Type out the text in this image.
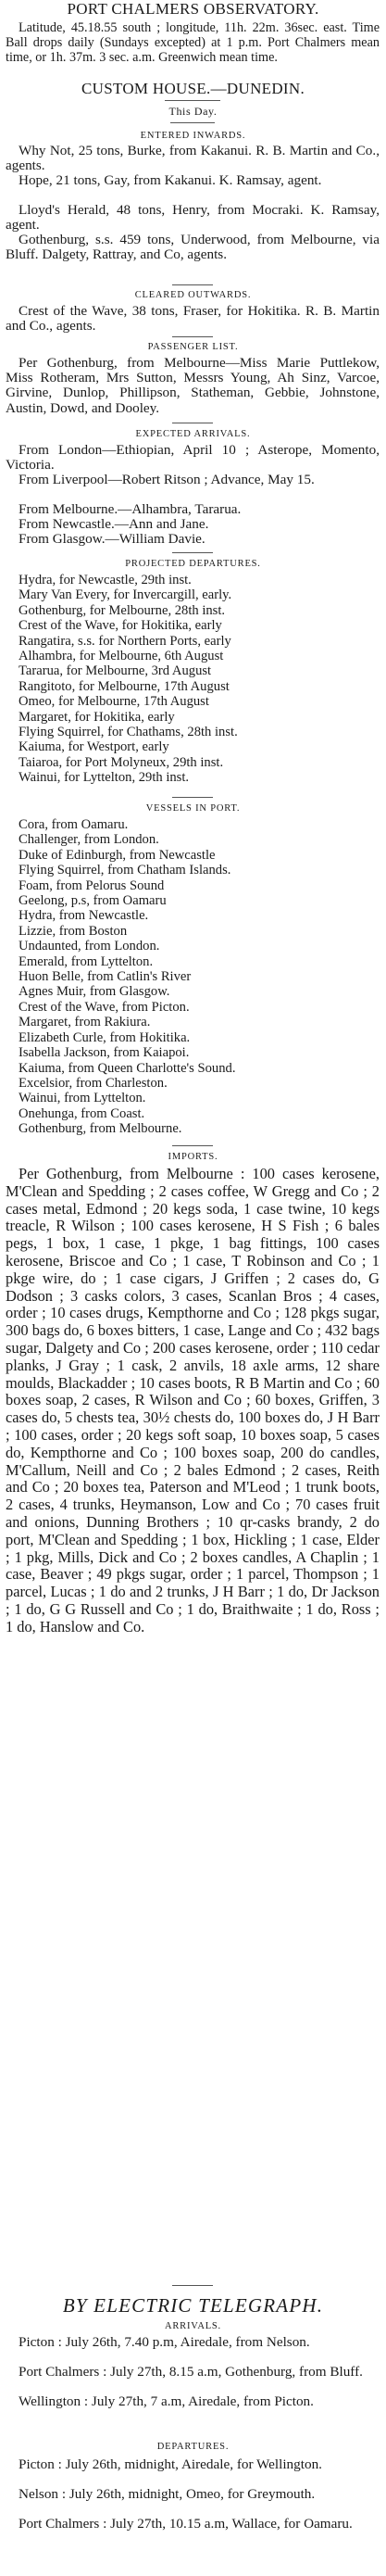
PORT CHALMERS OBSERVATORY.

Latitude, 45.18.55 south ; longitude, 11h. 22m. 36sec. east. Time Ball drops daily (Sundays excepted) at 1 p.m. Port Chalmers mean time, or 1h. 37m. 3 sec. a.m. Greenwich mean time.

CUSTOM HOUSE.—DUNEDIN.
This Day.
ENTERED INWARDS.

Why Not, 25 tons, Burke, from Kakanui. R. B. Martin and Co., agents.

Hope, 21 tons, Gay, from Kakanui. K. Ramsay, agent.

Lloyd's Herald, 48 tons, Henry, from Mocraki. K. Ramsay, agent.

Gothenburg, s.s. 459 tons, Underwood, from Melbourne, via Bluff. Dalgety, Rattray, and Co, agents.

CLEARED OUTWARDS.

Crest of the Wave, 38 tons, Fraser, for Hokitika. R. B. Martin and Co., agents.

PASSENGER LIST.

Per Gothenburg, from Melbourne—Miss Marie Puttlekow, Miss Rotheram, Mrs Sutton, Messrs Young, Ah Sinz, Varcoe, Girvine, Dunlop, Phillipson, Statheman, Gebbie, Johnstone, Austin, Dowd, and Dooley.

EXPECTED ARRIVALS.

From London—Ethiopian, April 10 ; Asterope, Momento, Victoria.

From Liverpool—Robert Ritson ; Advance, May 15.

From Melbourne.—Alhambra, Tararua.

From Newcastle.—Ann and Jane.

From Glasgow.—William Davie.

PROJECTED DEPARTURES.
Hydra, for Newcastle, 29th inst.
Mary Van Every, for Invercargill, early.
Gothenburg, for Melbourne, 28th inst.
Crest of the Wave, for Hokitika, early
Rangatira, s.s. for Northern Ports, early
Alhambra, for Melbourne, 6th August
Tararua, for Melbourne, 3rd August
Rangitoto, for Melbourne, 17th August
Omeo, for Melbourne, 17th August
Margaret, for Hokitika, early
Flying Squirrel, for Chathams, 28th inst.
Kaiuma, for Westport, early
Taiaroa, for Port Molyneux, 29th inst.
Wainui, for Lyttelton, 29th inst.
VESSELS IN PORT.
Cora, from Oamaru.
Challenger, from London.
Duke of Edinburgh, from Newcastle
Flying Squirrel, from Chatham Islands.
Foam, from Pelorus Sound
Geelong, p.s, from Oamaru
Hydra, from Newcastle.
Lizzie, from Boston
Undaunted, from London.
Emerald, from Lyttelton.
Huon Belle, from Catlin's River
Agnes Muir, from Glasgow.
Crest of the Wave, from Picton.
Margaret, from Rakiura.
Elizabeth Curle, from Hokitika.
Isabella Jackson, from Kaiapoi.
Kaiuma, from Queen Charlotte's Sound.
Excelsior, from Charleston.
Wainui, from Lyttelton.
Onehunga, from Coast.
Gothenburg, from Melbourne.
IMPORTS.

Per Gothenburg, from Melbourne : 100 cases kerosene, M'Clean and Spedding ; 2 cases coffee, W Gregg and Co ; 2 cases metal, Edmond ; 20 kegs soda, 1 case twine, 10 kegs treacle, R Wilson ; 100 cases kerosene, H S Fish ; 6 bales pegs, 1 box, 1 case, 1 pkge, 1 bag fittings, 100 cases kerosene, Briscoe and Co ; 1 case, T Robinson and Co ; 1 pkge wire, do ; 1 case cigars, J Griffen ; 2 cases do, G Dodson ; 3 casks colors, 3 cases, Scanlan Bros ; 4 cases, order ; 10 cases drugs, Kempthorne and Co ; 128 pkgs sugar, 300 bags do, 6 boxes bitters, 1 case, Lange and Co ; 432 bags sugar, Dalgety and Co ; 200 cases kerosene, order ; 110 cedar planks, J Gray ; 1 cask, 2 anvils, 18 axle arms, 12 share moulds, Blackadder ; 10 cases boots, R B Martin and Co ; 60 boxes soap, 2 cases, R Wilson and Co ; 60 boxes, Griffen, 3 cases do, 5 chests tea, 30½ chests do, 100 boxes do, J H Barr ; 100 cases, order ; 20 kegs soft soap, 10 boxes soap, 5 cases do, Kempthorne and Co ; 100 boxes soap, 200 do candles, M'Callum, Neill and Co ; 2 bales Edmond ; 2 cases, Reith and Co ; 20 boxes tea, Paterson and M'Leod ; 1 trunk boots, 2 cases, 4 trunks, Heymanson, Low and Co ; 70 cases fruit and onions, Dunning Brothers ; 10 qr-casks brandy, 2 do port, M'Clean and Spedding ; 1 box, Hickling ; 1 case, Elder ; 1 pkg, Mills, Dick and Co ; 2 boxes candles, A Chaplin ; 1 case, Beaver ; 49 pkgs sugar, order ; 1 parcel, Thompson ; 1 parcel, Lucas ; 1 do and 2 trunks, J H Barr ; 1 do, Dr Jackson ; 1 do, G G Russell and Co ; 1 do, Braithwaite ; 1 do, Ross ; 1 do, Hanslow and Co.

BY ELECTRIC TELEGRAPH.
ARRIVALS.

Picton : July 26th, 7.40 p.m, Airedale, from Nelson.

Port Chalmers : July 27th, 8.15 a.m, Gothenburg, from Bluff.

Wellington : July 27th, 7 a.m, Airedale, from Picton.

DEPARTURES.

Picton : July 26th, midnight, Airedale, for Wellington.

Nelson : July 26th, midnight, Omeo, for Greymouth.

Port Chalmers : July 27th, 10.15 a.m, Wallace, for Oamaru.
